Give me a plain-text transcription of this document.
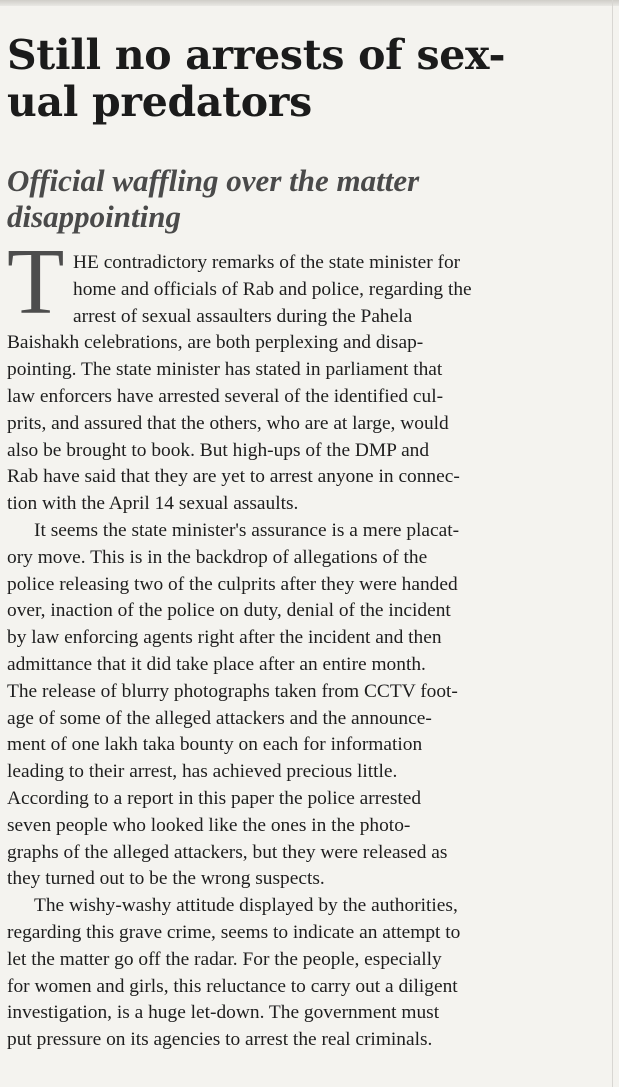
Still no arrests of sex-
ual predators
Official waffling over the matter
disappointing
T HE contradictory remarks of the state minister for
home and officials of Rab and police, regarding the
arrest of sexual assaulters during the Pahela
Baishakh celebrations, are both perplexing and disap-
pointing. The state minister has stated in parliament that
law enforcers have arrested several of the identified cul-
prits, and assured that the others, who are at large, would
also be brought to book. But high-ups of the DMP and
Rab have said that they are yet to arrest anyone in connec-
tion with the April 14 sexual assaults.
It seems the state minister's assurance is a mere placat-
ory move. This is in the backdrop of allegations of the
police releasing two of the culprits after they were handed
over, inaction of the police on duty, denial of the incident
by law enforcing agents right after the incident and then
admittance that it did take place after an entire month.
The release of blurry photographs taken from CCTV foot-
age of some of the alleged attackers and the announce-
ment of one lakh taka bounty on each for information
leading to their arrest, has achieved precious little.
According to a report in this paper the police arrested
seven people who looked like the ones in the photo-
graphs of the alleged attackers, but they were released as
they turned out to be the wrong suspects.
The wishy-washy attitude displayed by the authorities,
regarding this grave crime, seems to indicate an attempt to
let the matter go off the radar. For the people, especially
for women and girls, this reluctance to carry out a diligent
investigation, is a huge let-down. The government must
put pressure on its agencies to arrest the real criminals.
